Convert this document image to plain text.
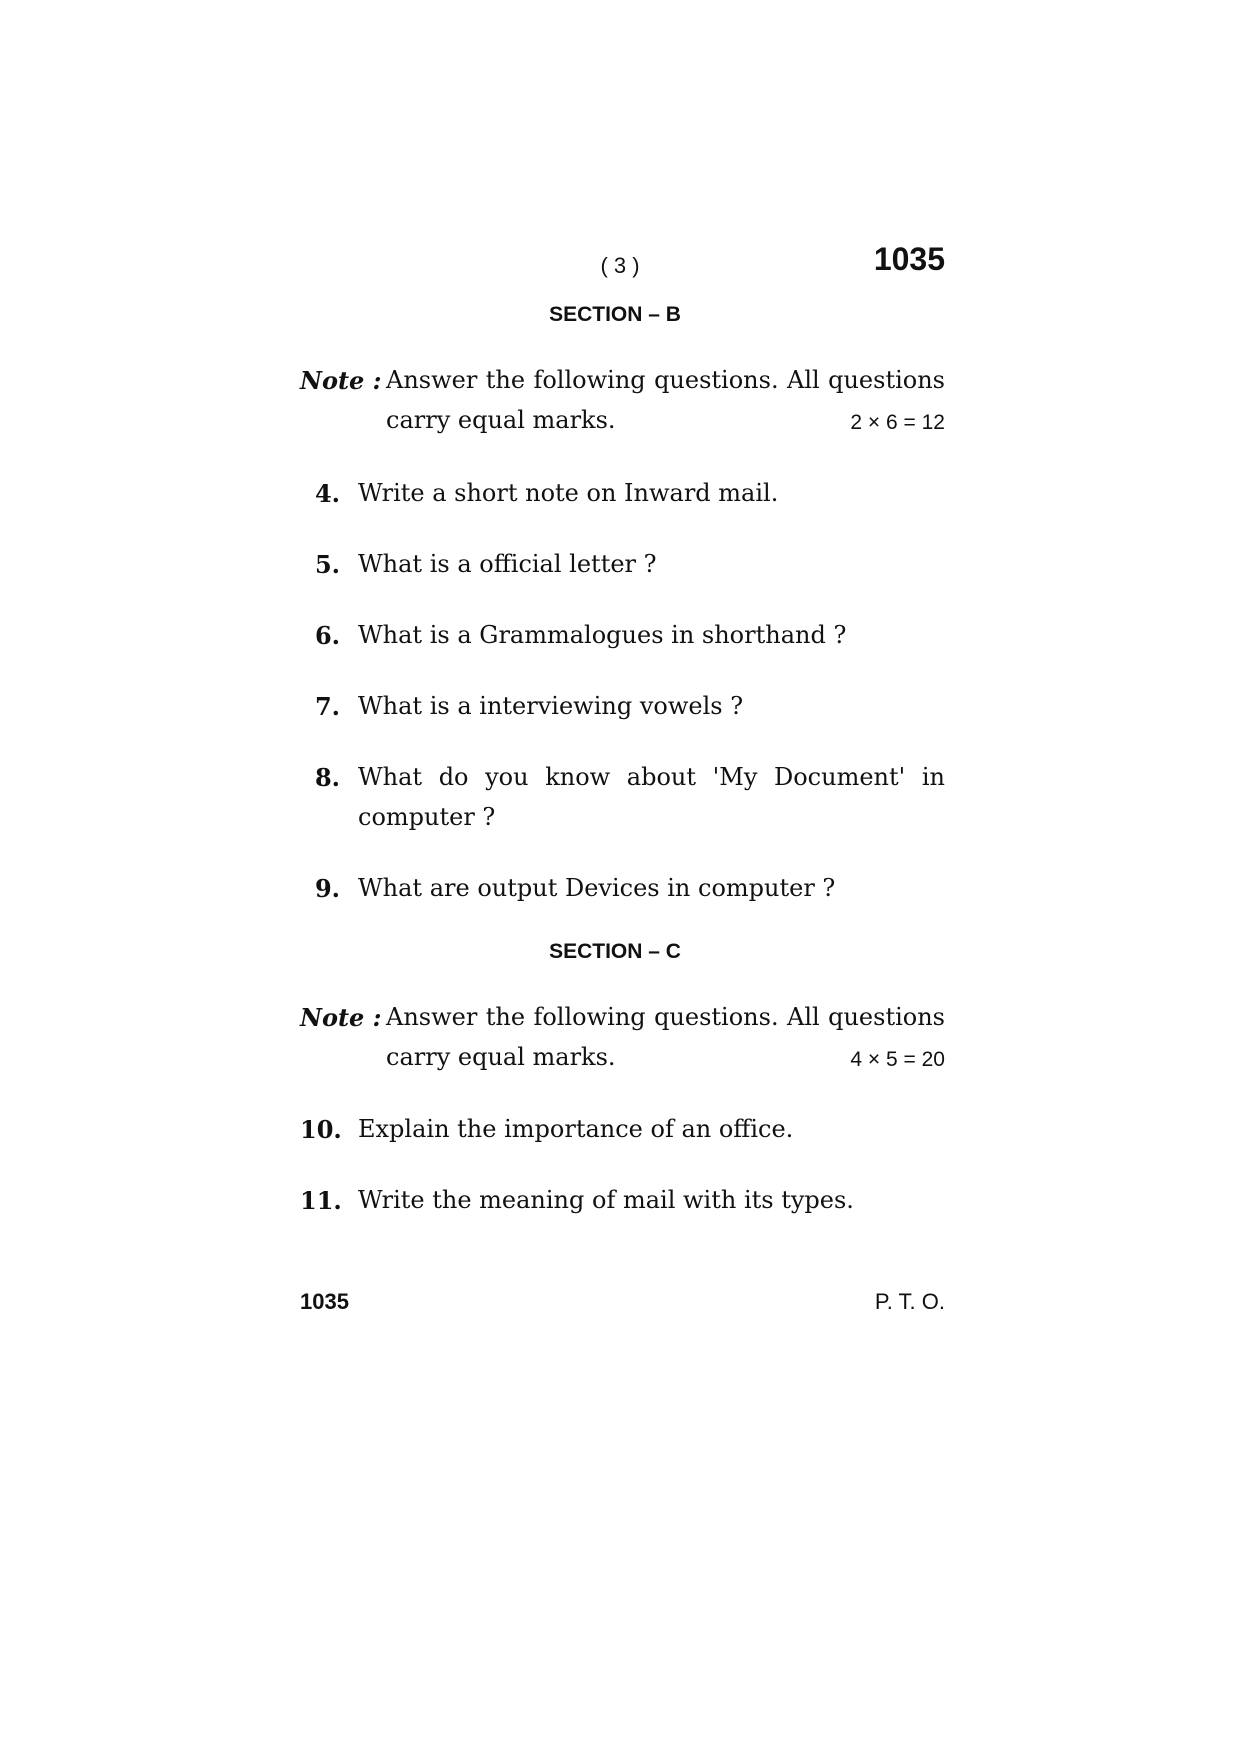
( 3 )	1035
SECTION – B
Note : Answer the following questions. All questions
carry equal marks.	2 × 6 = 12
4. Write a short note on Inward mail.
5. What is a official letter ?
6. What is a Grammalogues in shorthand ?
7. What is a interviewing vowels ?
8. What do you know about 'My Document' in
computer ?
9. What are output Devices in computer ?
SECTION – C
Note : Answer the following questions. All questions
carry equal marks.	4 × 5 = 20
10. Explain the importance of an office.
11. Write the meaning of mail with its types.
1035	P. T. O.
